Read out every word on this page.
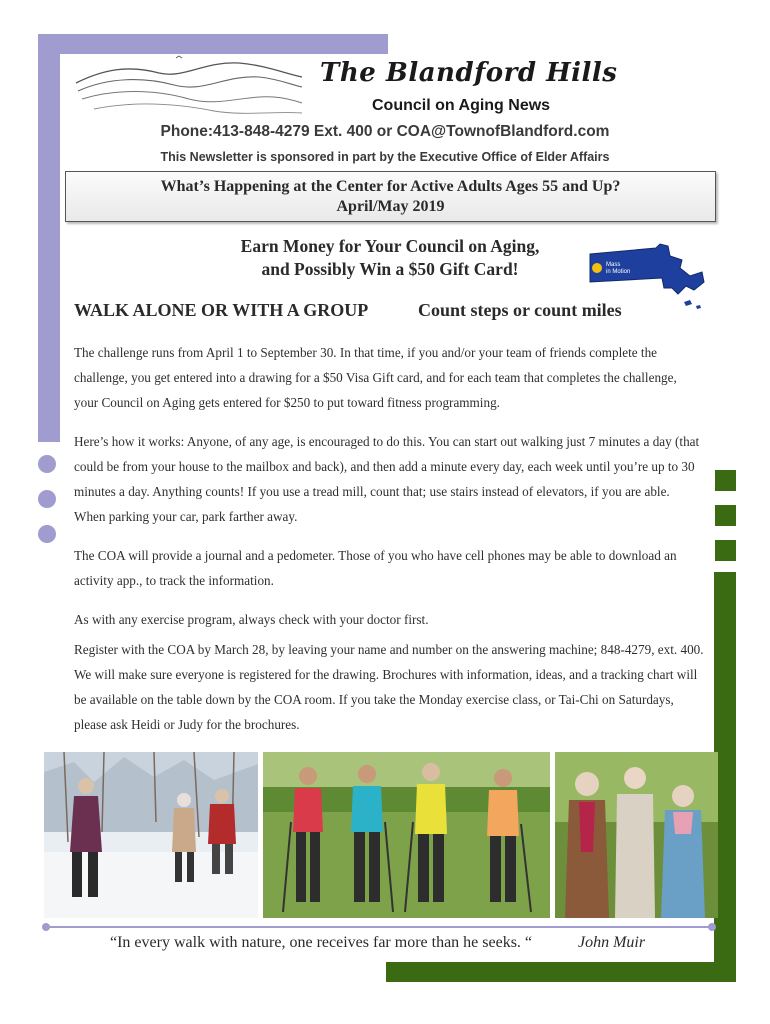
The Blandford Hills
Council on Aging News
Phone:413-848-4279 Ext. 400 or COA@TownofBlandford.com
This Newsletter is sponsored in part by the Executive Office of Elder Affairs
What’s Happening at the Center for Active Adults Ages 55 and Up?
April/May 2019
Earn Money for Your Council on Aging,
and Possibly Win a $50 Gift Card!	Mass
in Motion
WALK ALONE OR WITH A GROUP	Count steps or count miles
The challenge runs from April 1 to September 30. In that time, if you and/or your team of friends complete the challenge, you get entered into a drawing for a $50 Visa Gift card, and for each team that completes the challenge, your Council on Aging gets entered for $250 to put toward fitness programming.
Here’s how it works: Anyone, of any age, is encouraged to do this. You can start out walking just 7 minutes a day (that could be from your house to the mailbox and back), and then add a minute every day, each week until you’re up to 30 minutes a day. Anything counts! If you use a tread mill, count that; use stairs instead of elevators, if you are able. When parking your car, park farther away.
The COA will provide a journal and a pedometer. Those of you who have cell phones may be able to download an activity app., to track the information.
As with any exercise program, always check with your doctor first.
Register with the COA by March 28, by leaving your name and number on the answering machine; 848-4279, ext. 400. We will make sure everyone is registered for the drawing. Brochures with information, ideas, and a tracking chart will be available on the table down by the COA room. If you take the Monday exercise class, or Tai-Chi on Saturdays, please ask Heidi or Judy for the brochures.
“In every walk with nature, one receives far more than he seeks. “	John Muir
